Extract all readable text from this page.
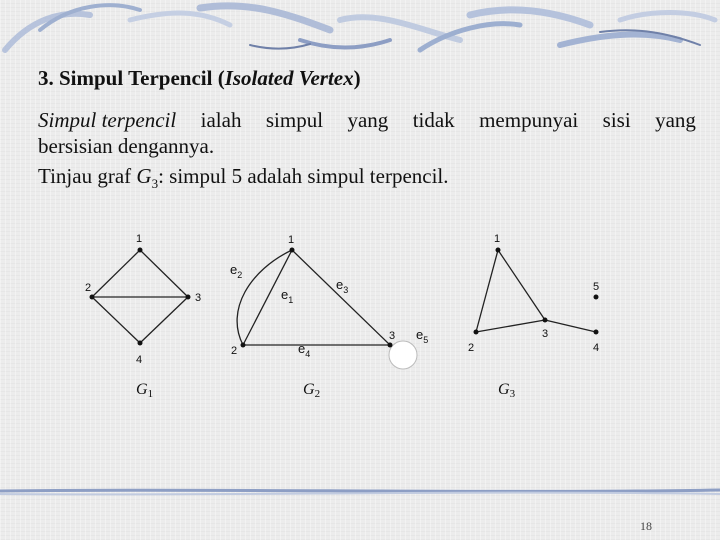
3. Simpul Terpencil (Isolated Vertex)
Simpul terpencil ialah simpul yang tidak mempunyai sisi yang
bersisian dengannya.
Tinjau graf $G_3$: simpul 5 adalah simpul terpencil.
1
2
3
4
G1
1
2
3
$e_1$
$e_2$
$e_3$
$e_4$
$e_5$
G2
1
2
3
4
5
G3
18
